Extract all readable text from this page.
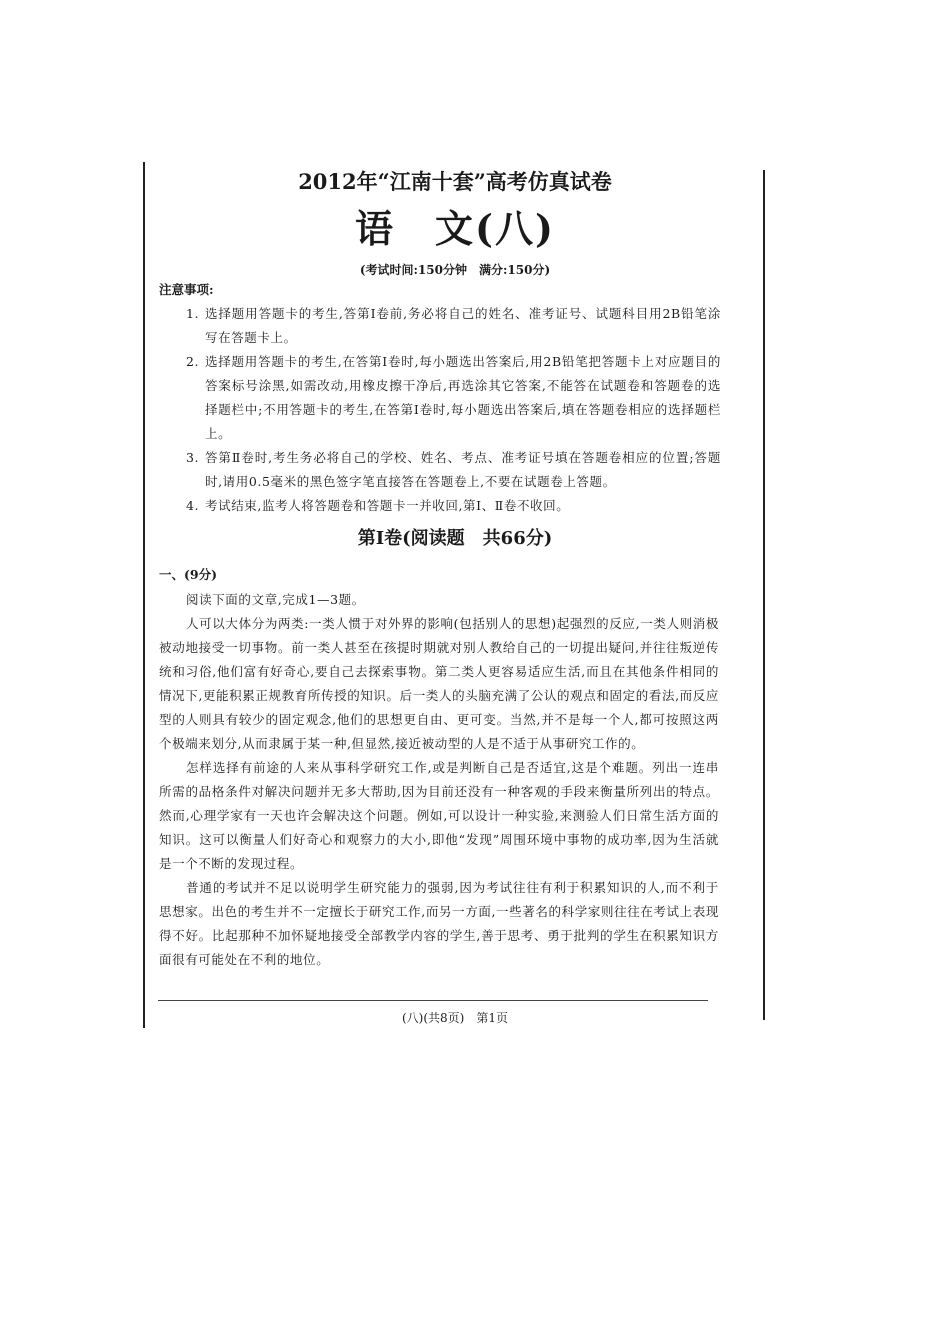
2012年“江南十套”高考仿真试卷
语　文(八)
(考试时间:150分钟　满分:150分)
注意事项:
1. 选择题用答题卡的考生,答第Ⅰ卷前,务必将自己的姓名、准考证号、试题科目用2B铅笔涂写在答题卡上。
2. 选择题用答题卡的考生,在答第Ⅰ卷时,每小题选出答案后,用2B铅笔把答题卡上对应题目的答案标号涂黑,如需改动,用橡皮擦干净后,再选涂其它答案,不能答在试题卷和答题卷的选择题栏中;不用答题卡的考生,在答第Ⅰ卷时,每小题选出答案后,填在答题卷相应的选择题栏上。
3. 答第Ⅱ卷时,考生务必将自己的学校、姓名、考点、准考证号填在答题卷相应的位置;答题时,请用0.5毫米的黑色签字笔直接答在答题卷上,不要在试题卷上答题。
4. 考试结束,监考人将答题卷和答题卡一并收回,第Ⅰ、Ⅱ卷不收回。
第Ⅰ卷(阅读题　共66分)
一、(9分)

阅读下面的文章,完成1—3题。

人可以大体分为两类:一类人惯于对外界的影响(包括别人的思想)起强烈的反应,一类人则消极被动地接受一切事物。前一类人甚至在孩提时期就对别人教给自己的一切提出疑问,并往往叛逆传统和习俗,他们富有好奇心,要自己去探索事物。第二类人更容易适应生活,而且在其他条件相同的情况下,更能积累正规教育所传授的知识。后一类人的头脑充满了公认的观点和固定的看法,而反应型的人则具有较少的固定观念,他们的思想更自由、更可变。当然,并不是每一个人,都可按照这两个极端来划分,从而隶属于某一种,但显然,接近被动型的人是不适于从事研究工作的。

怎样选择有前途的人来从事科学研究工作,或是判断自己是否适宜,这是个难题。列出一连串所需的品格条件对解决问题并无多大帮助,因为目前还没有一种客观的手段来衡量所列出的特点。然而,心理学家有一天也许会解决这个问题。例如,可以设计一种实验,来测验人们日常生活方面的知识。这可以衡量人们好奇心和观察力的大小,即他“发现”周围环境中事物的成功率,因为生活就是一个不断的发现过程。

普通的考试并不足以说明学生研究能力的强弱,因为考试往往有利于积累知识的人,而不利于思想家。出色的考生并不一定擅长于研究工作,而另一方面,一些著名的科学家则往往在考试上表现得不好。比起那种不加怀疑地接受全部教学内容的学生,善于思考、勇于批判的学生在积累知识方面很有可能处在不利的地位。

(八)(共8页)　第1页
